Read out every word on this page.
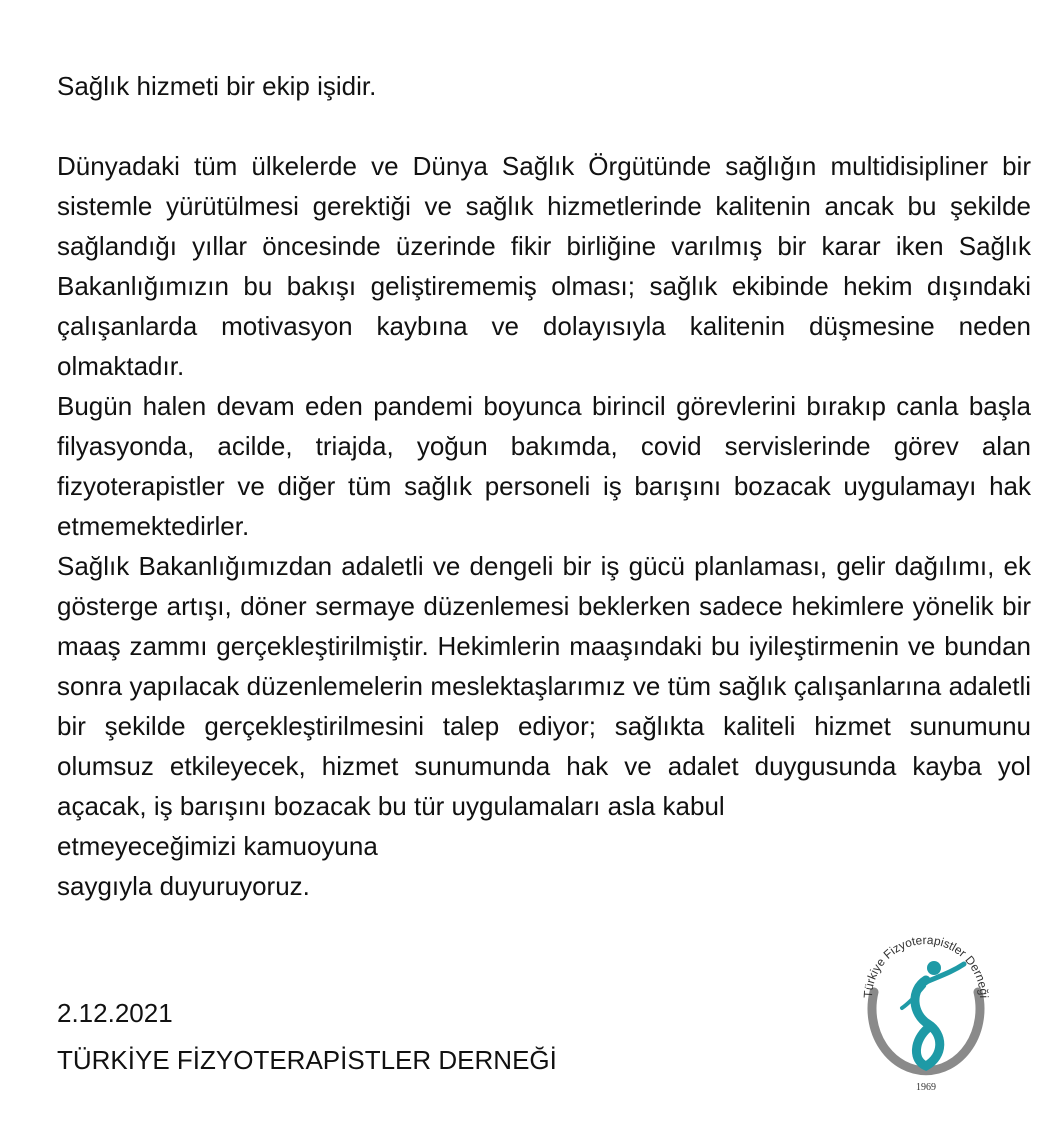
Sağlık hizmeti bir ekip işidir.

Dünyadaki tüm ülkelerde ve Dünya Sağlık Örgütünde sağlığın multidisipliner bir sistemle yürütülmesi gerektiği ve sağlık hizmetlerinde kalitenin ancak bu şekilde sağlandığı yıllar öncesinde üzerinde fikir birliğine varılmış bir karar iken Sağlık Bakanlığımızın bu bakışı geliştirememiş olması; sağlık ekibinde hekim dışındaki çalışanlarda motivasyon kaybına ve dolayısıyla kalitenin düşmesine neden olmaktadır.

Bugün halen devam eden pandemi boyunca birincil görevlerini bırakıp canla başla filyasyonda, acilde, triajda, yoğun bakımda, covid servislerinde görev alan fizyoterapistler ve diğer tüm sağlık personeli iş barışını bozacak uygulamayı hak etmemektedirler.

Sağlık Bakanlığımızdan adaletli ve dengeli bir iş gücü planlaması, gelir dağılımı, ek gösterge artışı, döner sermaye düzenlemesi beklerken sadece hekimlere yönelik bir maaş zammı gerçekleştirilmiştir. Hekimlerin maaşındaki bu iyileştirmenin ve bundan sonra yapılacak düzenlemelerin meslektaşlarımız ve tüm sağlık çalışanlarına adaletli bir şekilde gerçekleştirilmesini talep ediyor; sağlıkta kaliteli hizmet sunumunu olumsuz etkileyecek, hizmet sunumunda hak ve adalet duygusunda kayba yol açacak, iş barışını bozacak bu tür uygulamaları asla kabul

etmeyeceğimizi kamuoyuna

saygıyla duyuruyoruz.

2.12.2021
TÜRKİYE FİZYOTERAPİSTLER DERNEĞİ
Türkiye Fizyoterapistler Derneği
1969
